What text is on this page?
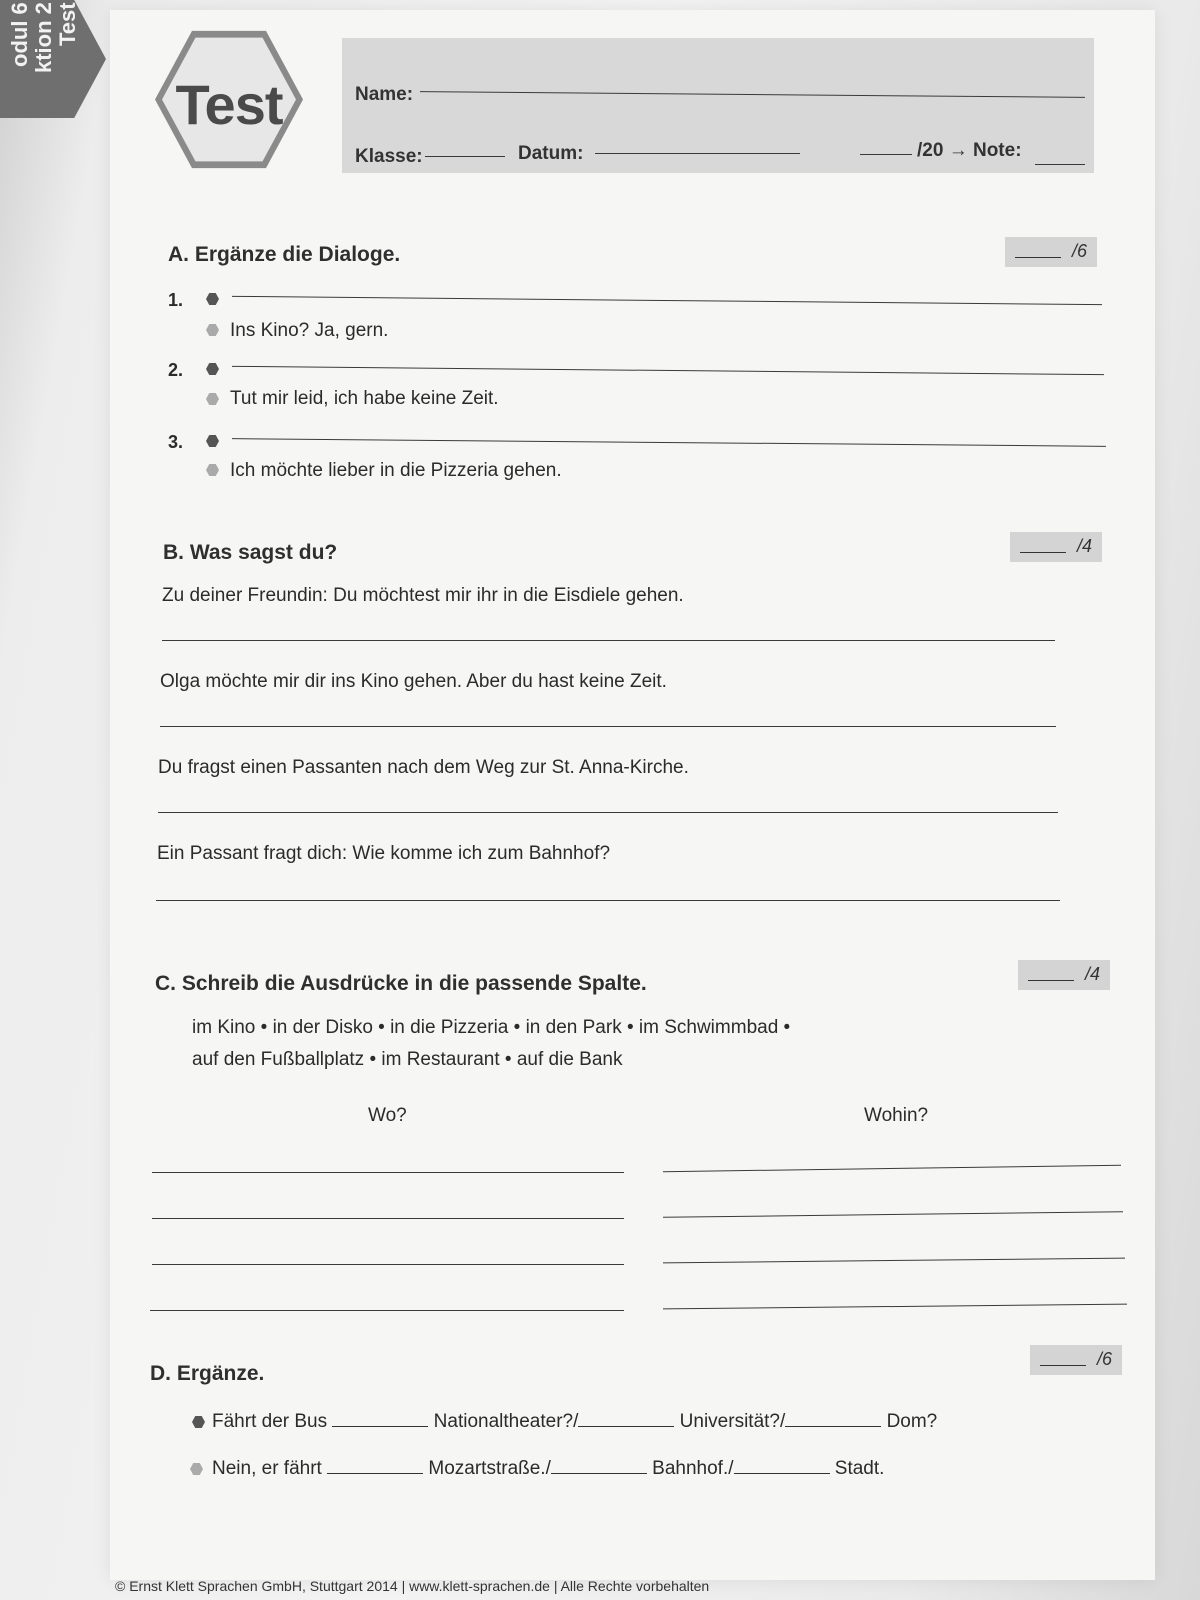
odul 6 ktion 2 Test
Test	Name:
Klasse:	Datum:	/20 → Note:
A. Ergänze die Dialoge.	/6
1.
Ins Kino? Ja, gern.
2.
Tut mir leid, ich habe keine Zeit.
3.
Ich möchte lieber in die Pizzeria gehen.
B. Was sagst du?	/4
Zu deiner Freundin: Du möchtest mir ihr in die Eisdiele gehen.
Olga möchte mir dir ins Kino gehen. Aber du hast keine Zeit.
Du fragst einen Passanten nach dem Weg zur St. Anna-Kirche.
Ein Passant fragt dich: Wie komme ich zum Bahnhof?
C. Schreib die Ausdrücke in die passende Spalte.	/4
im Kino • in der Disko • in die Pizzeria • in den Park • im Schwimmbad •
auf den Fußballplatz • im Restaurant • auf die Bank
Wo?	Wohin?
D. Ergänze.
/6
Fährt der Bus	Nationaltheater?/	Universität?/	Dom?
Nein, er fährt	Mozartstraße./	Bahnhof./	Stadt.
© Ernst Klett Sprachen GmbH, Stuttgart 2014 | www.klett-sprachen.de | Alle Rechte vorbehalten
